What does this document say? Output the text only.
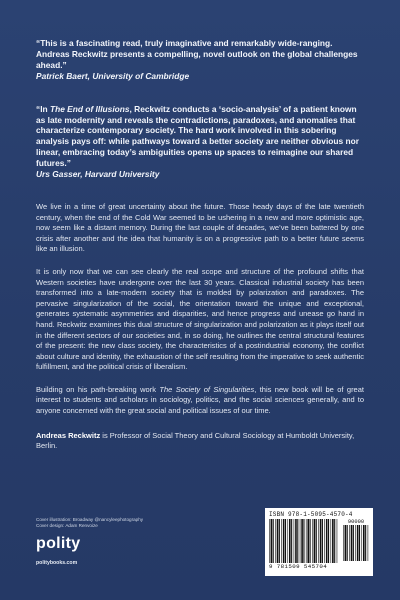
“This is a fascinating read, truly imaginative and remarkably wide-ranging. Andreas Reckwitz presents a compelling, novel outlook on the global challenges ahead.”
Patrick Baert, University of Cambridge

“In The End of Illusions, Reckwitz conducts a ‘socio-analysis’ of a patient known as late modernity and reveals the contradictions, paradoxes, and anomalies that characterize contemporary society. The hard work involved in this sobering analysis pays off: while pathways toward a better society are neither obvious nor linear, embracing today’s ambiguities opens up spaces to reimagine our shared futures.”
Urs Gasser, Harvard University

We live in a time of great uncertainty about the future. Those heady days of the late twentieth century, when the end of the Cold War seemed to be ushering in a new and more optimistic age, now seem like a distant memory. During the last couple of decades, we’ve been battered by one crisis after another and the idea that humanity is on a progressive path to a better future seems like an illusion.

It is only now that we can see clearly the real scope and structure of the profound shifts that Western societies have undergone over the last 30 years. Classical industrial society has been transformed into a late-modern society that is molded by polarization and paradoxes. The pervasive singularization of the social, the orientation toward the unique and exceptional, generates systematic asymmetries and disparities, and hence progress and unease go hand in hand. Reckwitz examines this dual structure of singularization and polarization as it plays itself out in the different sectors of our societies and, in so doing, he outlines the central structural features of the present: the new class society, the characteristics of a postindustrial economy, the conflict about culture and identity, the exhaustion of the self resulting from the imperative to seek authentic fulfillment, and the political crisis of liberalism.

Building on his path-breaking work The Society of Singularities, this new book will be of great interest to students and scholars in sociology, politics, and the social sciences generally, and to anyone concerned with the great social and political issues of our time.

Andreas Reckwitz is Professor of Social Theory and Cultural Sociology at Humboldt University, Berlin.

Cover illustration: Broadway @nancyleephotography
Cover design: Adam Renvoize
polity
politybooks.com
ISBN 978-1-5095-4570-4
90000
9 781509 545704
